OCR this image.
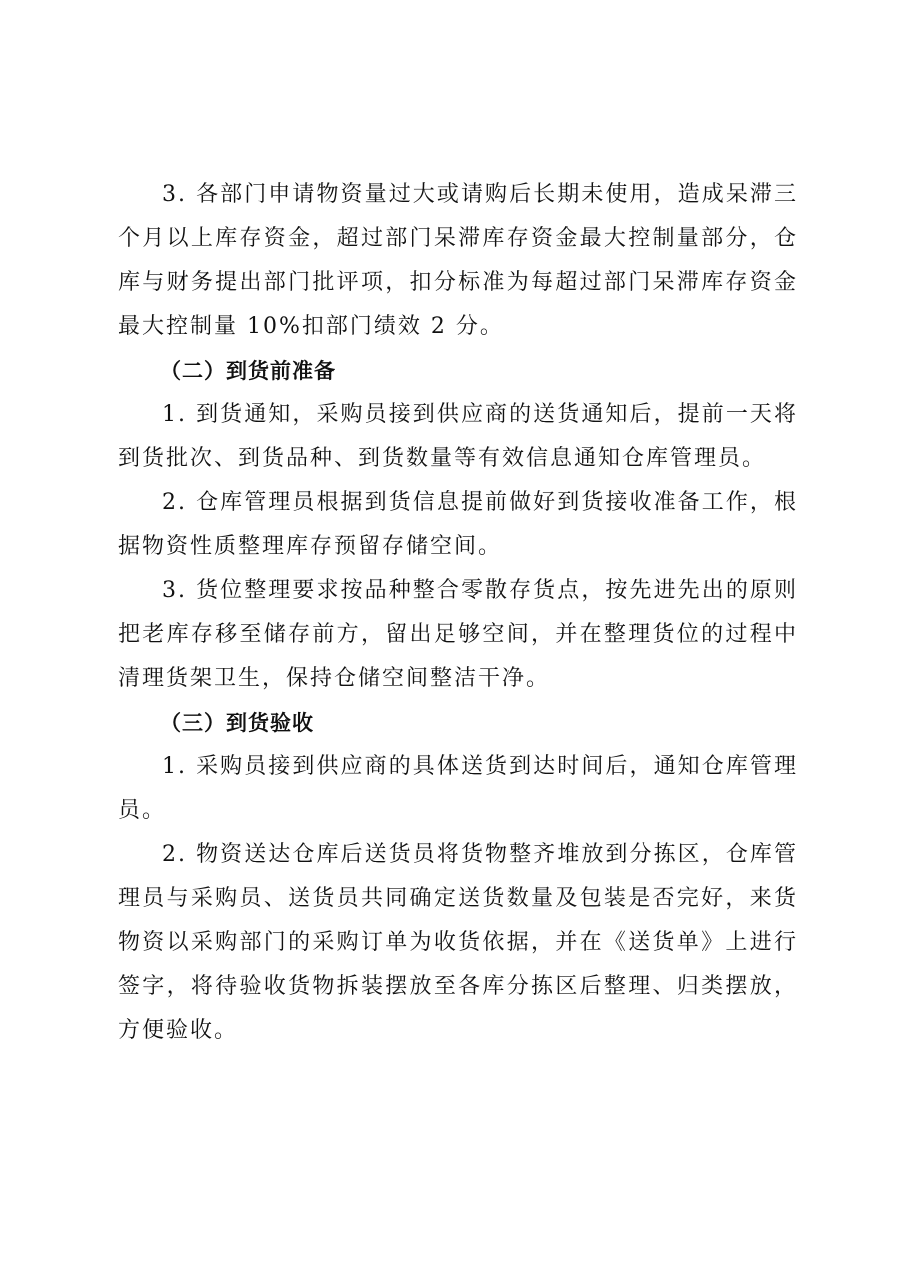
3. 各部门申请物资量过大或请购后长期未使用，造成呆滞三个月以上库存资金，超过部门呆滞库存资金最大控制量部分，仓库与财务提出部门批评项，扣分标准为每超过部门呆滞库存资金最大控制量 10%扣部门绩效 2 分。

（二）到货前准备

1. 到货通知，采购员接到供应商的送货通知后，提前一天将到货批次、到货品种、到货数量等有效信息通知仓库管理员。

2. 仓库管理员根据到货信息提前做好到货接收准备工作，根据物资性质整理库存预留存储空间。

3. 货位整理要求按品种整合零散存货点，按先进先出的原则把老库存移至储存前方，留出足够空间，并在整理货位的过程中清理货架卫生，保持仓储空间整洁干净。

（三）到货验收

1. 采购员接到供应商的具体送货到达时间后，通知仓库管理员。

2. 物资送达仓库后送货员将货物整齐堆放到分拣区，仓库管理员与采购员、送货员共同确定送货数量及包装是否完好，来货物资以采购部门的采购订单为收货依据，并在《送货单》上进行签字，将待验收货物拆装摆放至各库分拣区后整理、归类摆放，方便验收。
